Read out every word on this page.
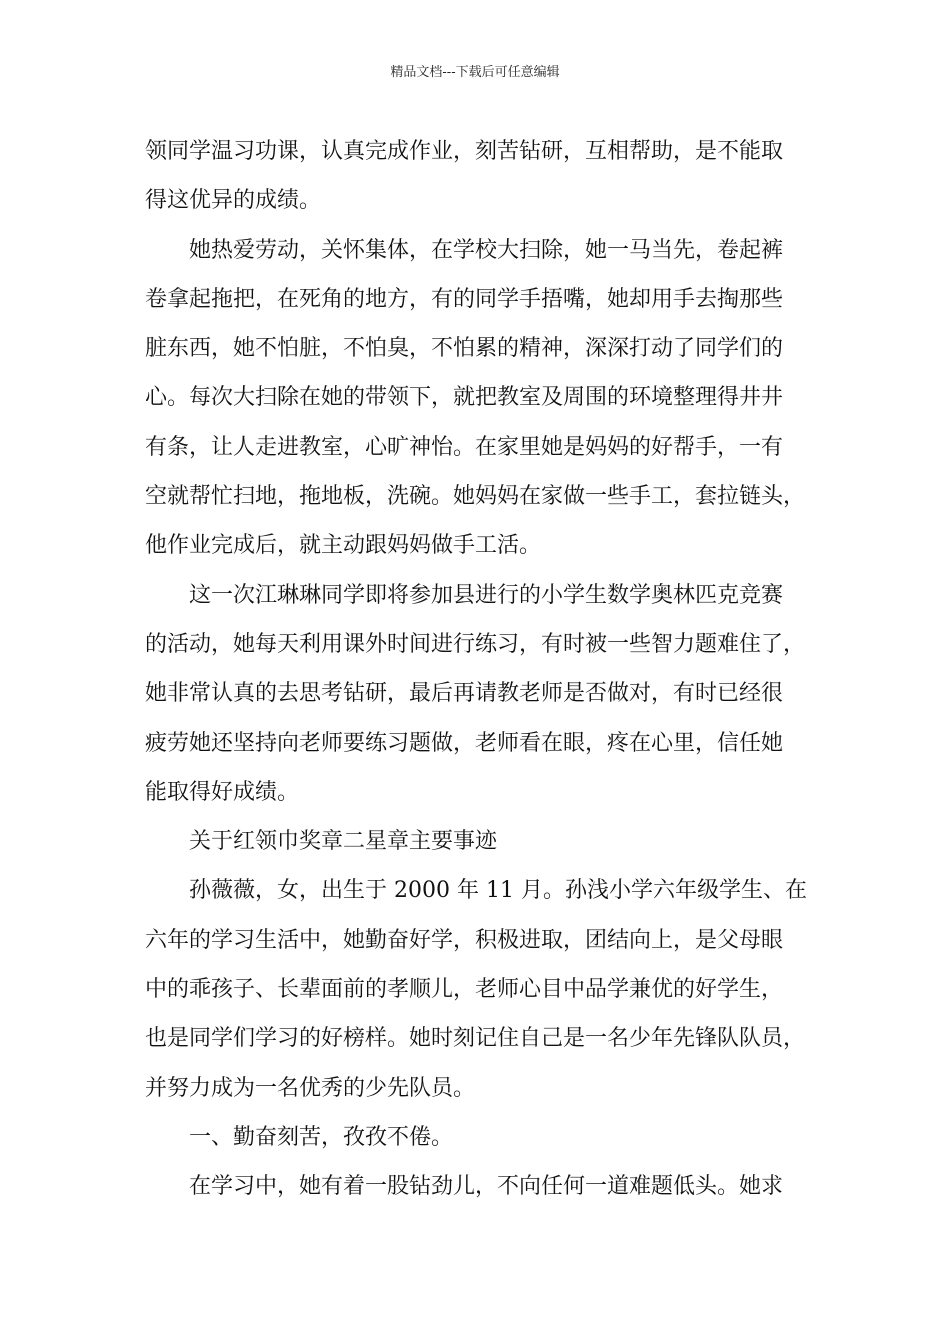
精品文档---下载后可任意编辑
领同学温习功课，认真完成作业，刻苦钻研，互相帮助，是不能取
得这优异的成绩。
她热爱劳动，关怀集体，在学校大扫除，她一马当先，卷起裤
卷拿起拖把，在死角的地方，有的同学手捂嘴，她却用手去掏那些
脏东西，她不怕脏，不怕臭，不怕累的精神，深深打动了同学们的
心。每次大扫除在她的带领下，就把教室及周围的环境整理得井井
有条，让人走进教室，心旷神怡。在家里她是妈妈的好帮手，一有
空就帮忙扫地，拖地板，洗碗。她妈妈在家做一些手工，套拉链头，
他作业完成后，就主动跟妈妈做手工活。
这一次江琳琳同学即将参加县进行的小学生数学奥林匹克竞赛
的活动，她每天利用课外时间进行练习，有时被一些智力题难住了，
她非常认真的去思考钻研，最后再请教老师是否做对，有时已经很
疲劳她还坚持向老师要练习题做，老师看在眼，疼在心里，信任她
能取得好成绩。
关于红领巾奖章二星章主要事迹
孙薇薇，女，出生于 2000 年 11 月。孙浅小学六年级学生、在
六年的学习生活中，她勤奋好学，积极进取，团结向上，是父母眼
中的乖孩子、长辈面前的孝顺儿，老师心目中品学兼优的好学生，
也是同学们学习的好榜样。她时刻记住自己是一名少年先锋队队员，
并努力成为一名优秀的少先队员。
一、勤奋刻苦，孜孜不倦。
在学习中，她有着一股钻劲儿，不向任何一道难题低头。她求
